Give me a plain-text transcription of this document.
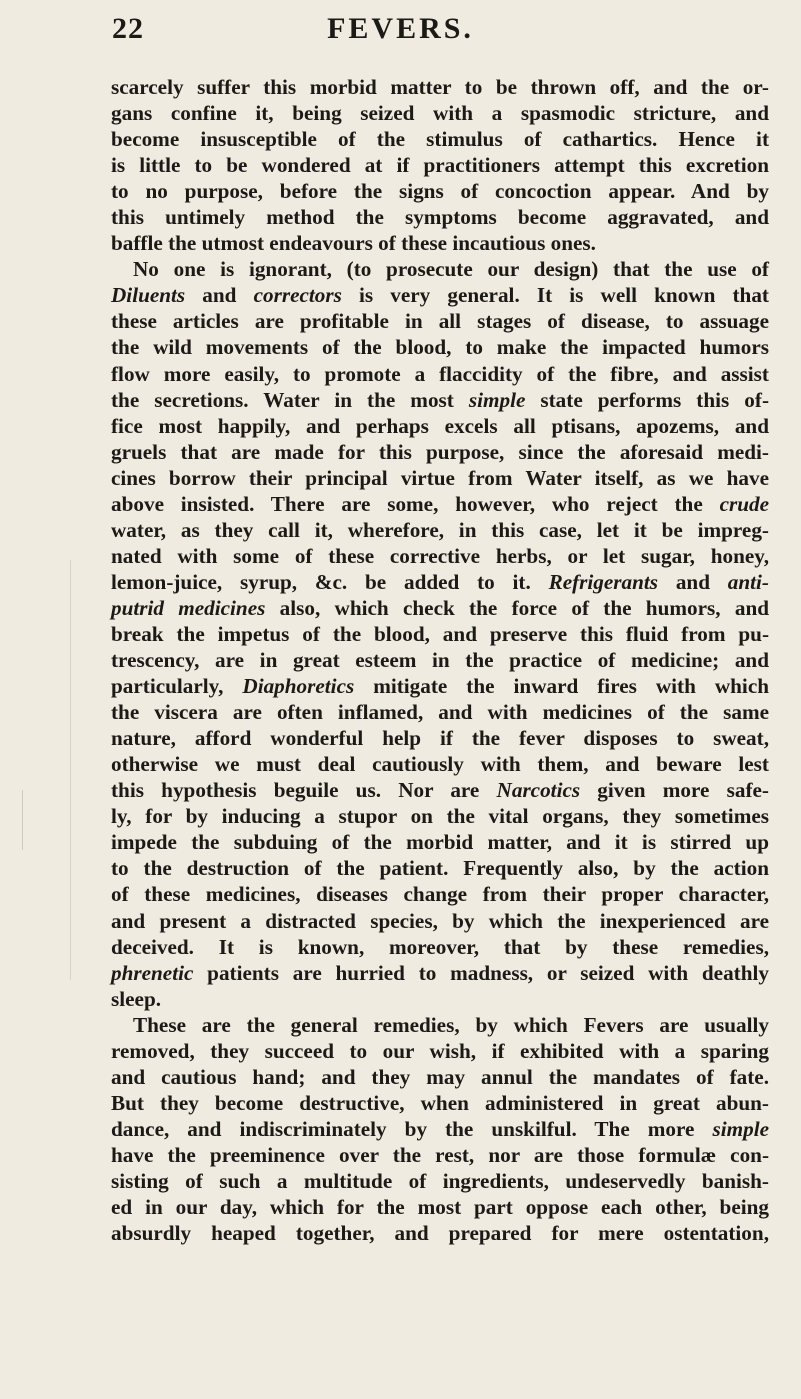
22	FEVERS.
scarcely suffer this morbid matter to be thrown off, and the or-
gans confine it, being seized with a spasmodic stricture, and
become insusceptible of the stimulus of cathartics. Hence it
is little to be wondered at if practitioners attempt this excretion
to no purpose, before the signs of concoction appear. And by
this untimely method the symptoms become aggravated, and
baffle the utmost endeavours of these incautious ones.
No one is ignorant, (to prosecute our design) that the use of
Diluents and correctors is very general. It is well known that
these articles are profitable in all stages of disease, to assuage
the wild movements of the blood, to make the impacted humors
flow more easily, to promote a flaccidity of the fibre, and assist
the secretions. Water in the most simple state performs this of-
fice most happily, and perhaps excels all ptisans, apozems, and
gruels that are made for this purpose, since the aforesaid medi-
cines borrow their principal virtue from Water itself, as we have
above insisted. There are some, however, who reject the crude
water, as they call it, wherefore, in this case, let it be impreg-
nated with some of these corrective herbs, or let sugar, honey,
lemon-juice, syrup, &c. be added to it. Refrigerants and anti-
putrid medicines also, which check the force of the humors, and
break the impetus of the blood, and preserve this fluid from pu-
trescency, are in great esteem in the practice of medicine; and
particularly, Diaphoretics mitigate the inward fires with which
the viscera are often inflamed, and with medicines of the same
nature, afford wonderful help if the fever disposes to sweat,
otherwise we must deal cautiously with them, and beware lest
this hypothesis beguile us. Nor are Narcotics given more safe-
ly, for by inducing a stupor on the vital organs, they sometimes
impede the subduing of the morbid matter, and it is stirred up
to the destruction of the patient. Frequently also, by the action
of these medicines, diseases change from their proper character,
and present a distracted species, by which the inexperienced are
deceived. It is known, moreover, that by these remedies,
phrenetic patients are hurried to madness, or seized with deathly
sleep.
These are the general remedies, by which Fevers are usually
removed, they succeed to our wish, if exhibited with a sparing
and cautious hand; and they may annul the mandates of fate.
But they become destructive, when administered in great abun-
dance, and indiscriminately by the unskilful. The more simple
have the preeminence over the rest, nor are those formulæ con-
sisting of such a multitude of ingredients, undeservedly banish-
ed in our day, which for the most part oppose each other, being
absurdly heaped together, and prepared for mere ostentation,
